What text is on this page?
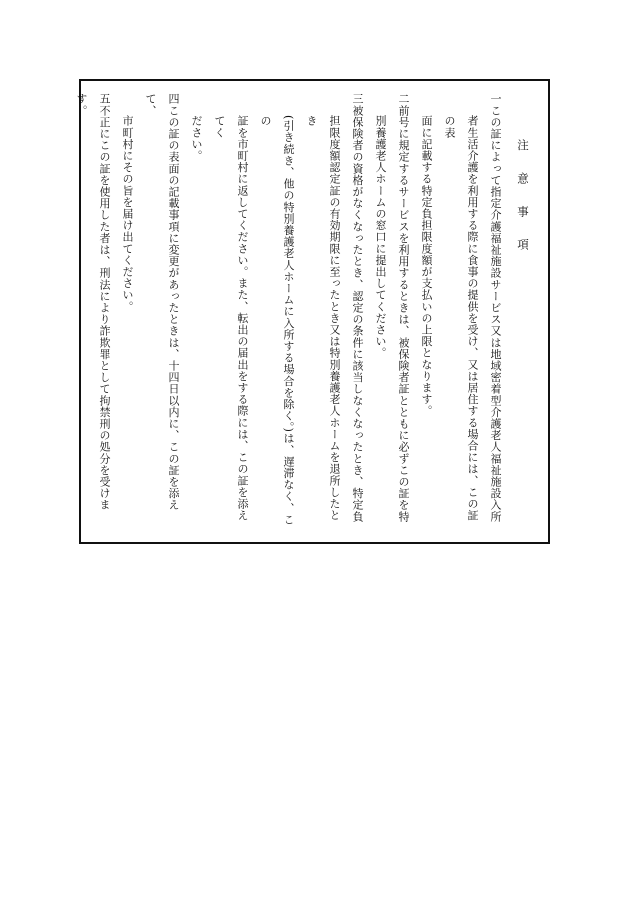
注 意 事 項
一この証によって指定介護福祉施設サービス又は地域密着型介護老人福祉施設入所
者生活介護を利用する際に食事の提供を受け、又は居住する場合には、この証の表
面に記載する特定負担限度額が支払いの上限となります。
二前号に規定するサービスを利用するときは、被保険者証とともに必ずこの証を特
別養護老人ホームの窓口に提出してください。
三被保険者の資格がなくなったとき、認定の条件に該当しなくなったとき、特定負
担限度額認定証の有効期限に至ったとき又は特別養護老人ホームを退所したとき
(引き続き、他の特別養護老人ホームに入所する場合を除く。)は、遅滞なく、この
証を市町村に返してください。また、転出の届出をする際には、この証を添えてく
ださい。
四この証の表面の記載事項に変更があったときは、十四日以内に、この証を添えて、
市町村にその旨を届け出てください。
五不正にこの証を使用した者は、刑法により詐欺罪として拘禁刑の処分を受けます。
